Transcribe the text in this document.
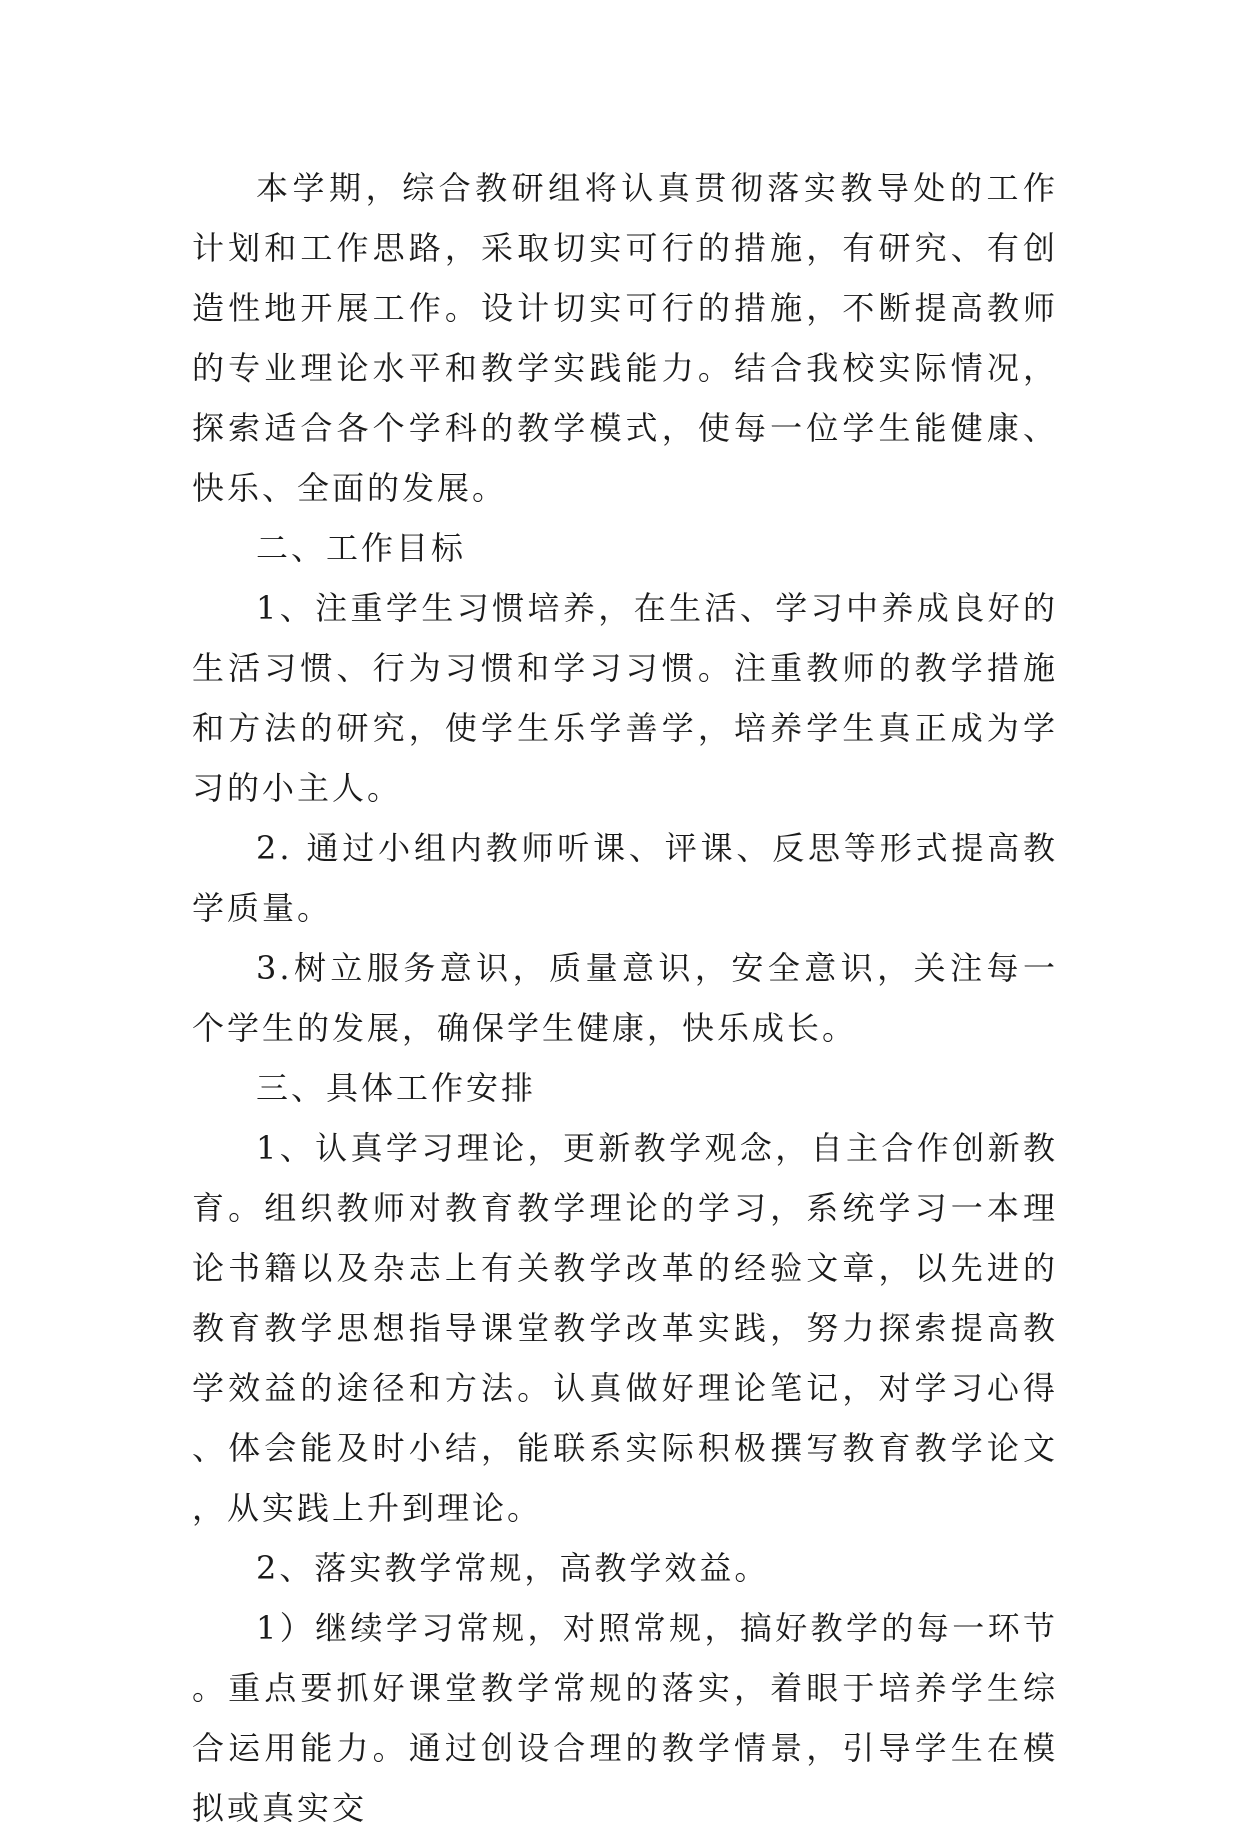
本学期，综合教研组将认真贯彻落实教导处的工作计划和工作思路，采取切实可行的措施，有研究、有创造性地开展工作。设计切实可行的措施，不断提高教师的专业理论水平和教学实践能力。结合我校实际情况，探索适合各个学科的教学模式，使每一位学生能健康、快乐、全面的发展。

二、工作目标

1、注重学生习惯培养，在生活、学习中养成良好的生活习惯、行为习惯和学习习惯。注重教师的教学措施和方法的研究，使学生乐学善学，培养学生真正成为学习的小主人。

2. 通过小组内教师听课、评课、反思等形式提高教学质量。

3.树立服务意识，质量意识，安全意识，关注每一个学生的发展，确保学生健康，快乐成长。

三、具体工作安排

1、认真学习理论，更新教学观念，自主合作创新教育。组织教师对教育教学理论的学习，系统学习一本理论书籍以及杂志上有关教学改革的经验文章，以先进的教育教学思想指导课堂教学改革实践，努力探索提高教学效益的途径和方法。认真做好理论笔记，对学习心得、体会能及时小结，能联系实际积极撰写教育教学论文，从实践上升到理论。

2、落实教学常规，高教学效益。

1）继续学习常规，对照常规，搞好教学的每一环节。重点要抓好课堂教学常规的落实，着眼于培养学生综合运用能力。通过创设合理的教学情景，引导学生在模拟或真实交
